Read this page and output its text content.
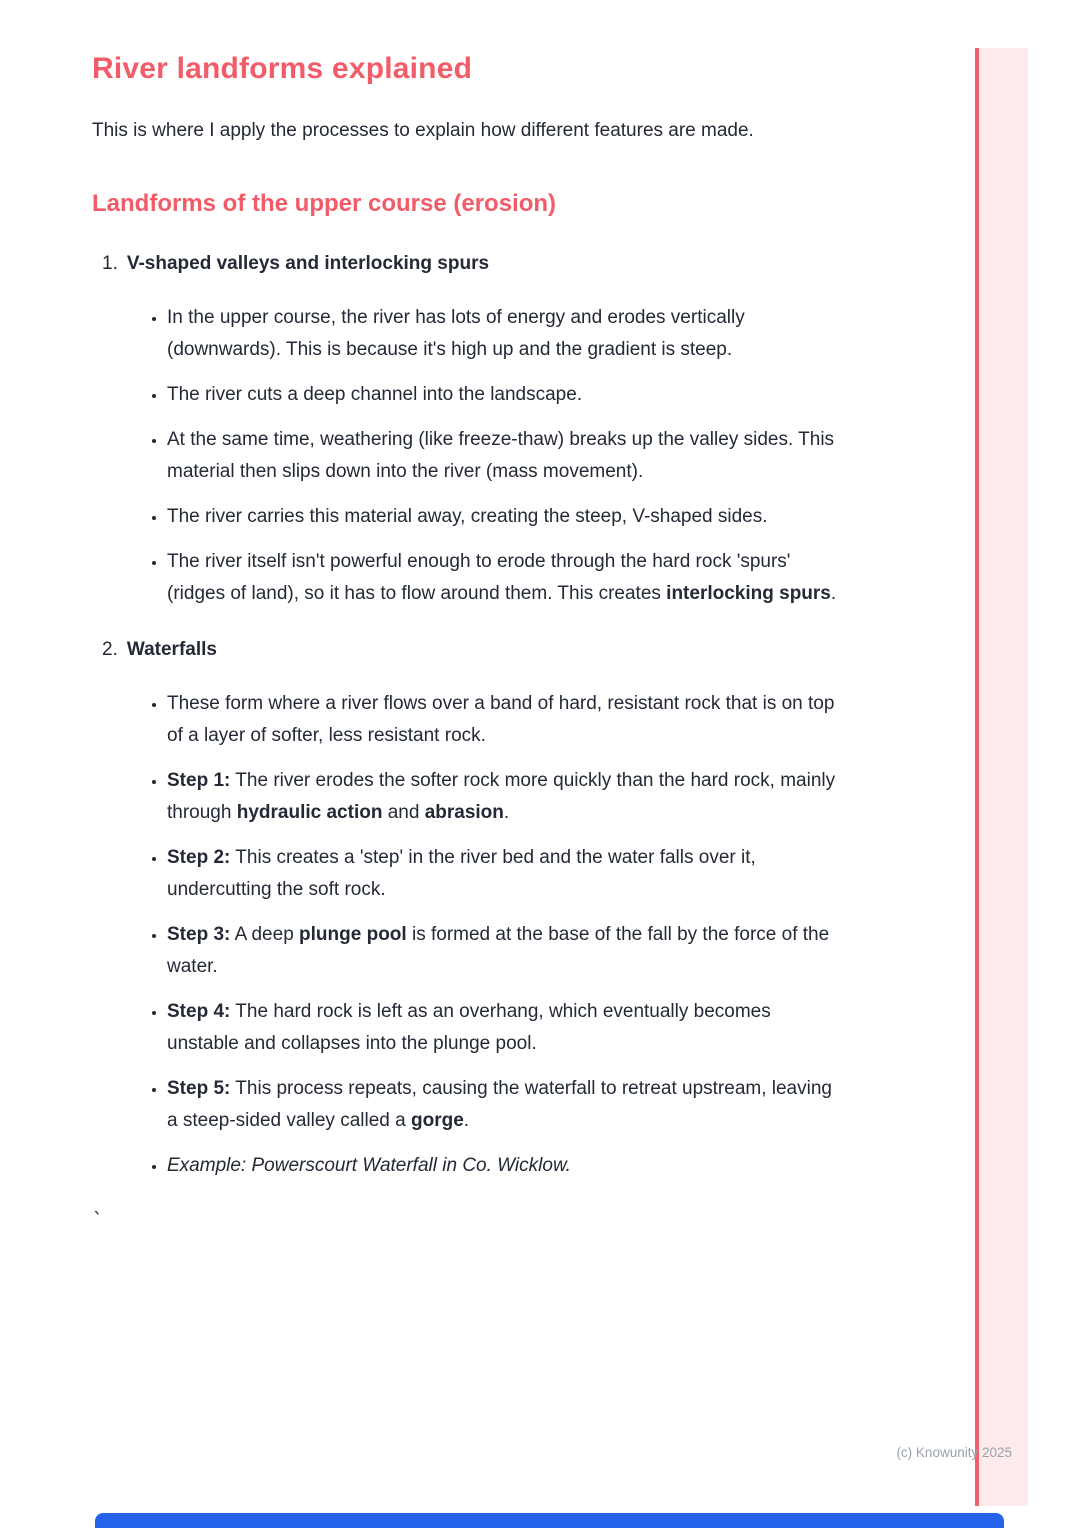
River landforms explained

This is where I apply the processes to explain how different features are made.

Landforms of the upper course (erosion)
1. V-shaped valleys and interlocking spurs
• In the upper course, the river has lots of energy and erodes vertically (downwards). This is because it's high up and the gradient is steep.
• The river cuts a deep channel into the landscape.
• At the same time, weathering (like freeze-thaw) breaks up the valley sides. This material then slips down into the river (mass movement).
• The river carries this material away, creating the steep, V-shaped sides.
• The river itself isn't powerful enough to erode through the hard rock 'spurs' (ridges of land), so it has to flow around them. This creates interlocking spurs.
2. Waterfalls
• These form where a river flows over a band of hard, resistant rock that is on top of a layer of softer, less resistant rock.
• Step 1: The river erodes the softer rock more quickly than the hard rock, mainly through hydraulic action and abrasion.
• Step 2: This creates a 'step' in the river bed and the water falls over it, undercutting the soft rock.
• Step 3: A deep plunge pool is formed at the base of the fall by the force of the water.
• Step 4: The hard rock is left as an overhang, which eventually becomes unstable and collapses into the plunge pool.
• Step 5: This process repeats, causing the waterfall to retreat upstream, leaving a steep-sided valley called a gorge.
• Example: Powerscourt Waterfall in Co. Wicklow.
`
(c) Knowunity 2025
